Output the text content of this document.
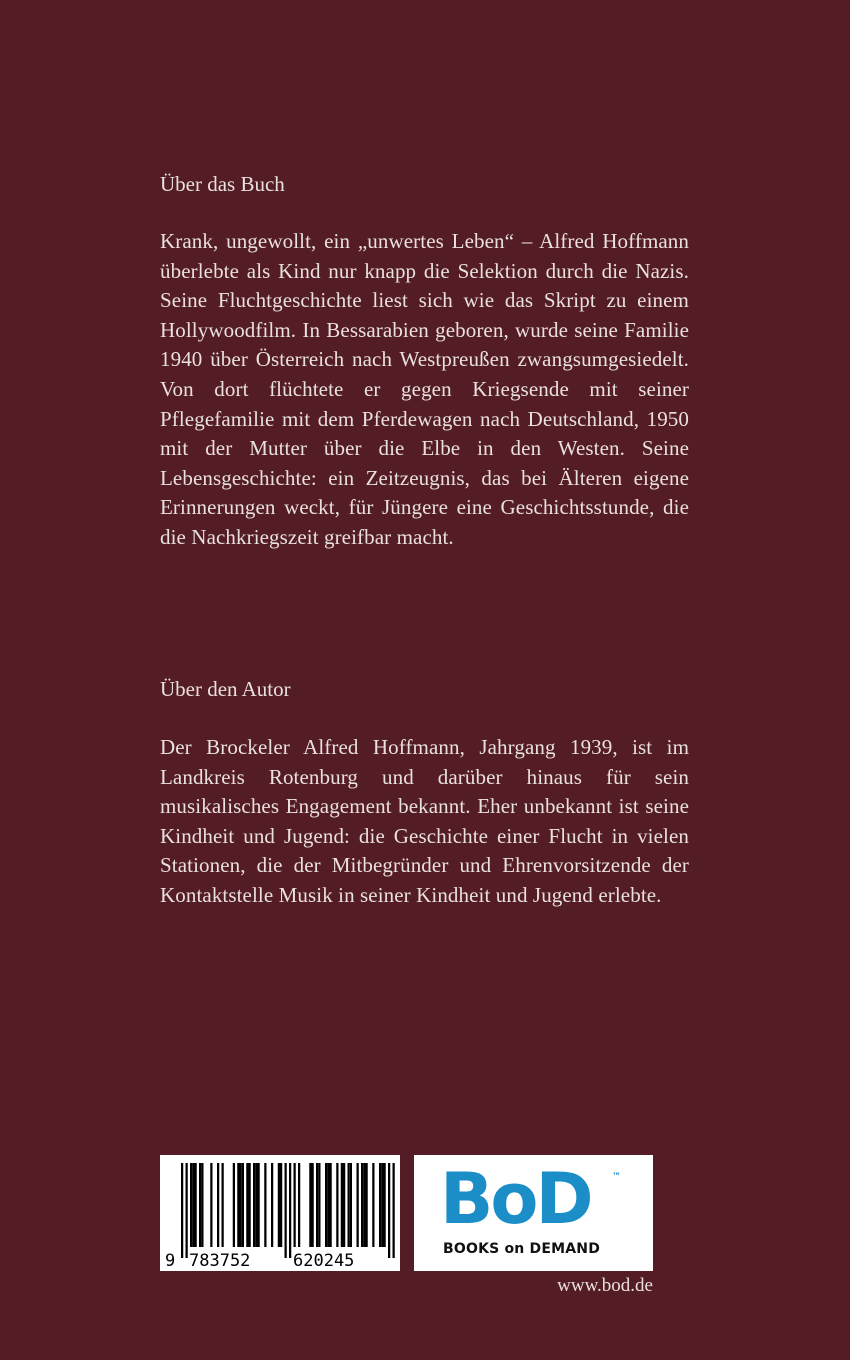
Über das Buch

Krank, ungewollt, ein „unwertes Leben“ – Alfred Hoffmann überlebte als Kind nur knapp die Selektion durch die Nazis. Seine Fluchtgeschichte liest sich wie das Skript zu einem Hollywoodfilm. In Bessarabien geboren, wurde seine Familie 1940 über Österreich nach Westpreußen zwangsumgesiedelt. Von dort flüchtete er gegen Kriegsende mit seiner Pflegefamilie mit dem Pferdewagen nach Deutschland, 1950 mit der Mutter über die Elbe in den Westen. Seine Lebensgeschichte: ein Zeitzeugnis, das bei Älteren eigene Erinnerungen weckt, für Jüngere eine Geschichtsstunde, die die Nachkriegszeit greifbar macht.

Über den Autor

Der Brockeler Alfred Hoffmann, Jahrgang 1939, ist im Landkreis Rotenburg und darüber hinaus für sein musikalisches Engagement bekannt. Eher unbekannt ist seine Kindheit und Jugend: die Geschichte einer Flucht in vielen Stationen, die der Mitbegründer und Ehrenvorsitzende der Kontaktstelle Musik in seiner Kindheit und Jugend erlebte.

9 783752	620245
BoD ™
BOOKS on DEMAND
www.bod.de
